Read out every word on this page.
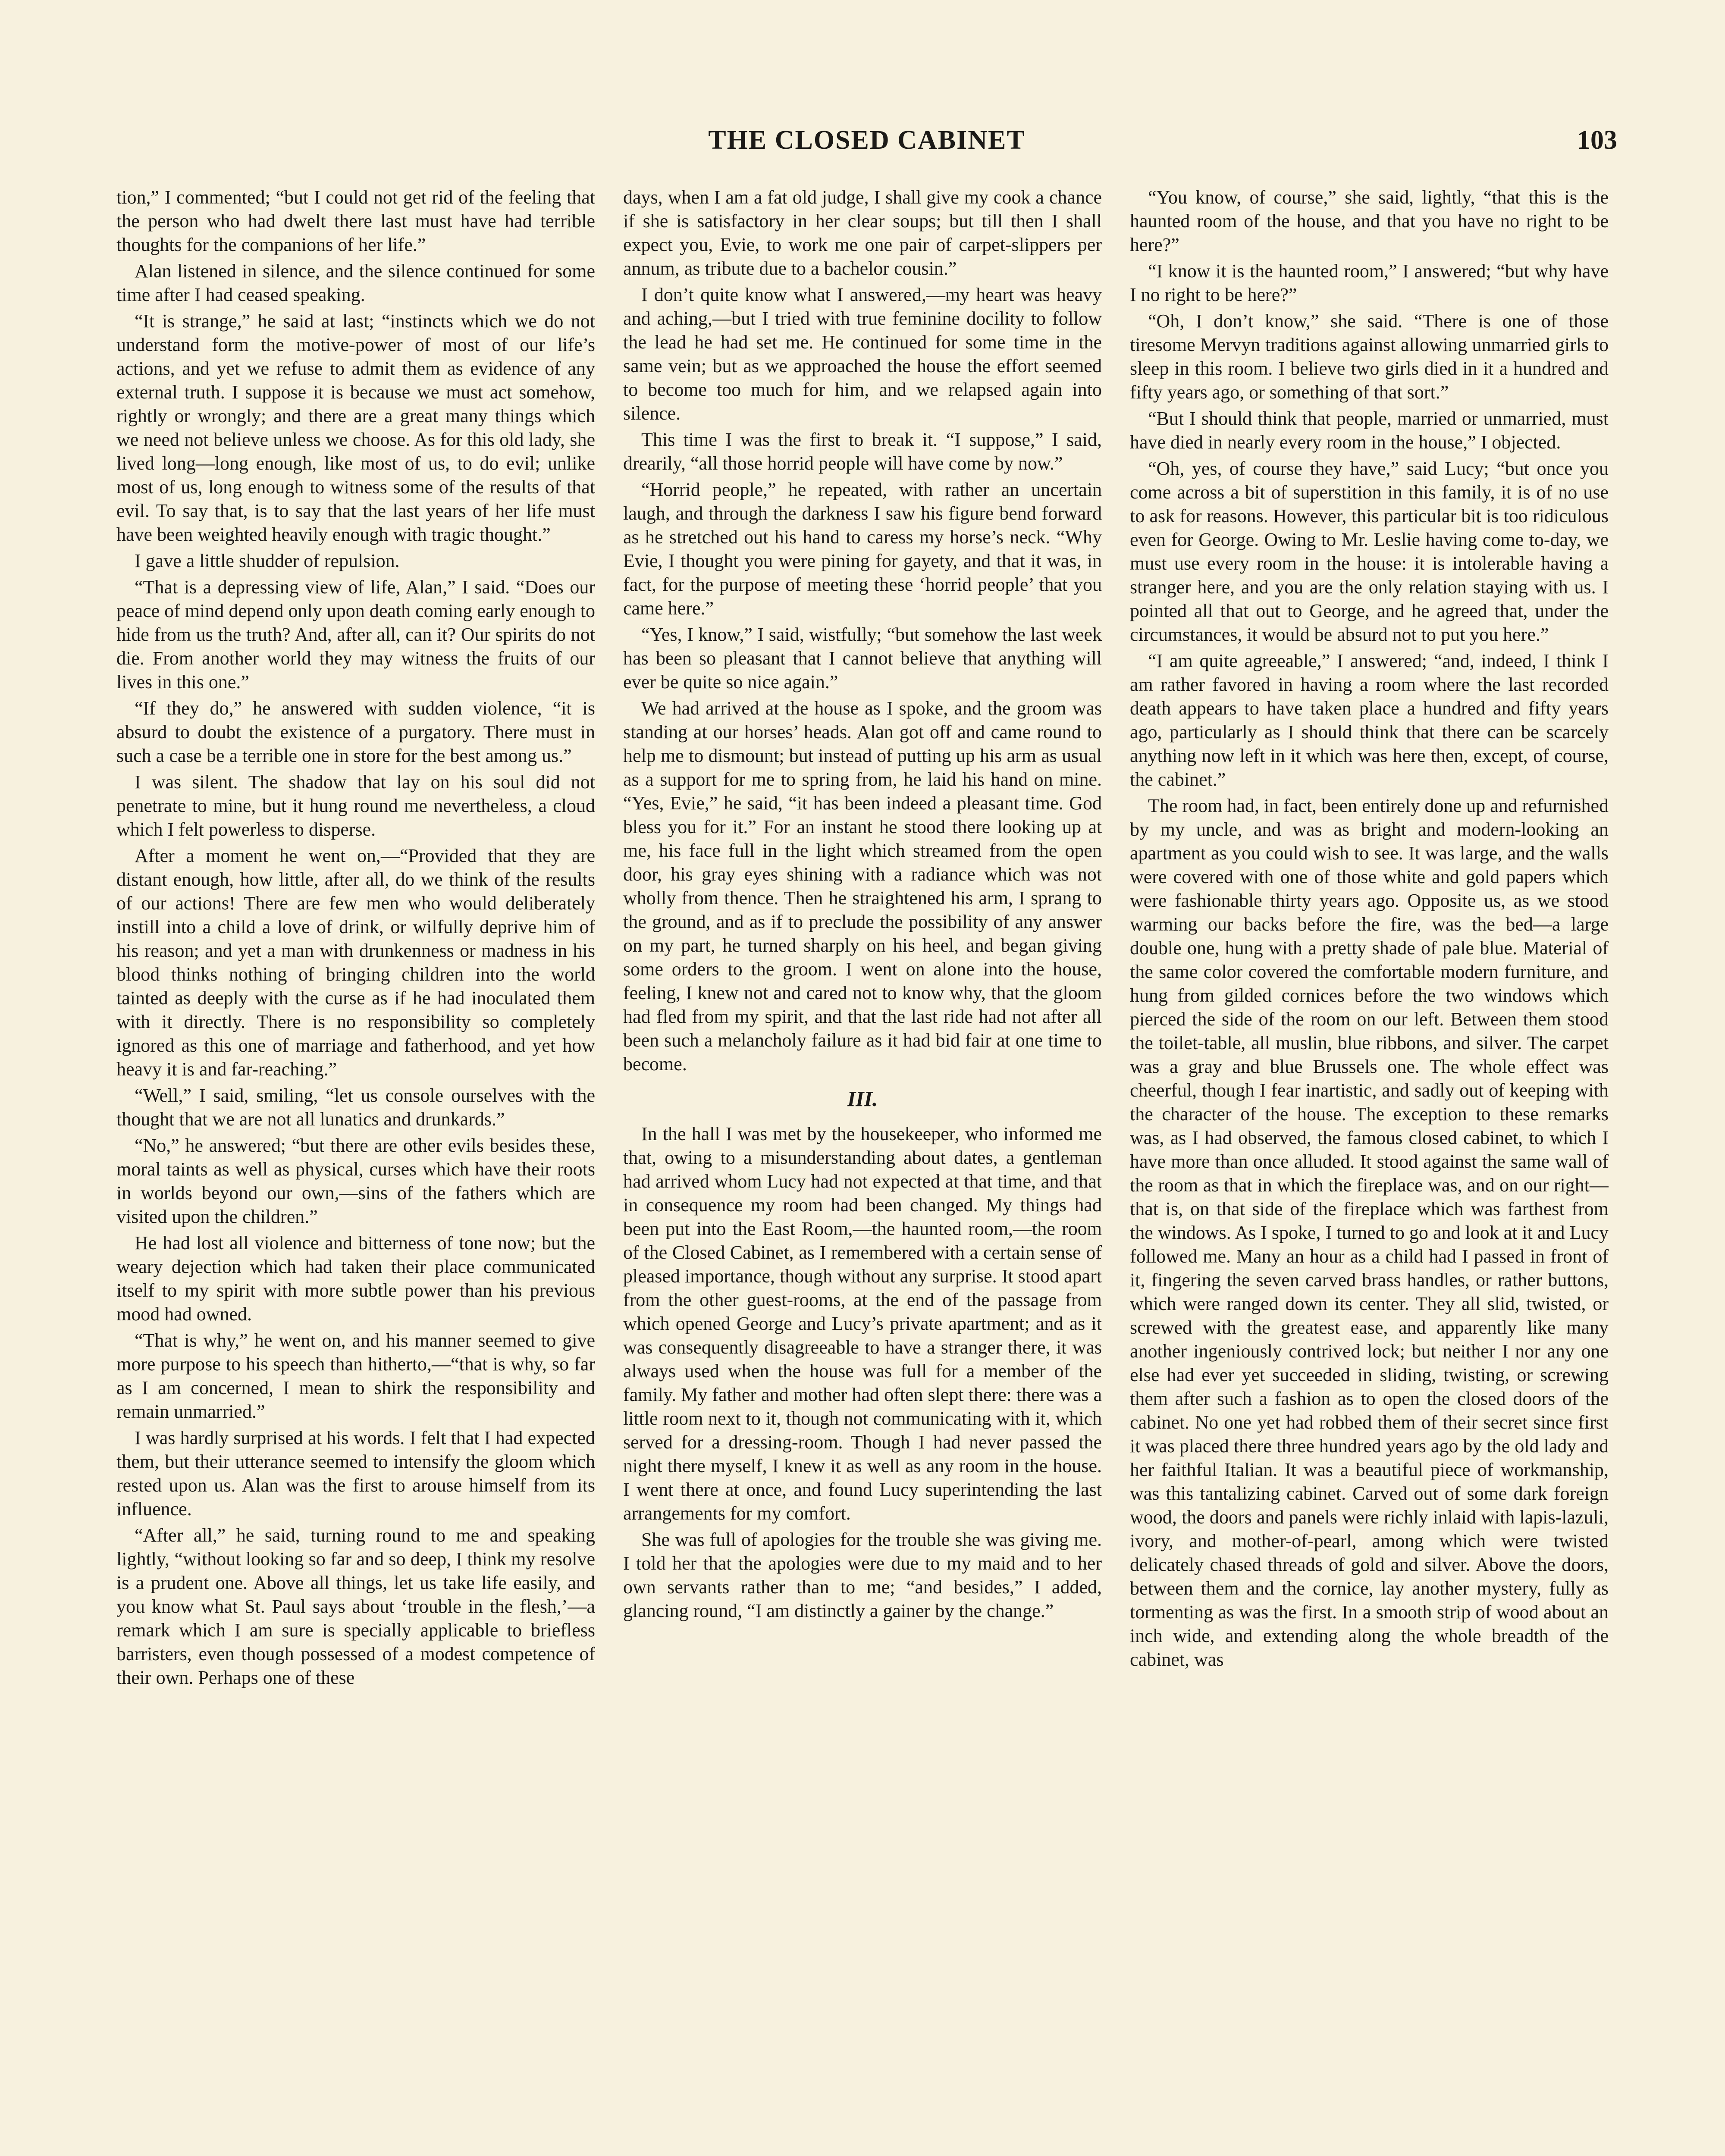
THE CLOSED CABINET	103

tion,” I commented; “but I could not get rid of the feeling that the person who had dwelt there last must have had terrible thoughts for the companions of her life.”

Alan listened in silence, and the silence continued for some time after I had ceased speaking.

“It is strange,” he said at last; “instincts which we do not understand form the motive-power of most of our life’s actions, and yet we refuse to admit them as evidence of any external truth. I suppose it is because we must act somehow, rightly or wrongly; and there are a great many things which we need not believe unless we choose. As for this old lady, she lived long—long enough, like most of us, to do evil; unlike most of us, long enough to witness some of the results of that evil. To say that, is to say that the last years of her life must have been weighted heavily enough with tragic thought.”

I gave a little shudder of repulsion.

“That is a depressing view of life, Alan,” I said. “Does our peace of mind depend only upon death coming early enough to hide from us the truth? And, after all, can it? Our spirits do not die. From another world they may witness the fruits of our lives in this one.”

“If they do,” he answered with sudden violence, “it is absurd to doubt the existence of a purgatory. There must in such a case be a terrible one in store for the best among us.”

I was silent. The shadow that lay on his soul did not penetrate to mine, but it hung round me nevertheless, a cloud which I felt powerless to disperse.

After a moment he went on,—“Provided that they are distant enough, how little, after all, do we think of the results of our actions! There are few men who would deliberately instill into a child a love of drink, or wilfully deprive him of his reason; and yet a man with drunkenness or madness in his blood thinks nothing of bringing children into the world tainted as deeply with the curse as if he had inoculated them with it directly. There is no responsibility so completely ignored as this one of marriage and fatherhood, and yet how heavy it is and far-reaching.”

“Well,” I said, smiling, “let us console ourselves with the thought that we are not all lunatics and drunkards.”

“No,” he answered; “but there are other evils besides these, moral taints as well as physical, curses which have their roots in worlds beyond our own,—sins of the fathers which are visited upon the children.”

He had lost all violence and bitterness of tone now; but the weary dejection which had taken their place communicated itself to my spirit with more subtle power than his previous mood had owned.

“That is why,” he went on, and his manner seemed to give more purpose to his speech than hitherto,—“that is why, so far as I am concerned, I mean to shirk the responsibility and remain unmarried.”

I was hardly surprised at his words. I felt that I had expected them, but their utterance seemed to intensify the gloom which rested upon us. Alan was the first to arouse himself from its influence.

“After all,” he said, turning round to me and speaking lightly, “without looking so far and so deep, I think my resolve is a prudent one. Above all things, let us take life easily, and you know what St. Paul says about ‘trouble in the flesh,’—a remark which I am sure is specially applicable to briefless barristers, even though possessed of a modest competence of their own. Perhaps one of these

days, when I am a fat old judge, I shall give my cook a chance if she is satisfactory in her clear soups; but till then I shall expect you, Evie, to work me one pair of carpet-slippers per annum, as tribute due to a bachelor cousin.”

I don’t quite know what I answered,—my heart was heavy and aching,—but I tried with true feminine docility to follow the lead he had set me. He continued for some time in the same vein; but as we approached the house the effort seemed to become too much for him, and we relapsed again into silence.

This time I was the first to break it. “I suppose,” I said, drearily, “all those horrid people will have come by now.”

“Horrid people,” he repeated, with rather an uncertain laugh, and through the darkness I saw his figure bend forward as he stretched out his hand to caress my horse’s neck. “Why Evie, I thought you were pining for gayety, and that it was, in fact, for the purpose of meeting these ‘horrid people’ that you came here.”

“Yes, I know,” I said, wistfully; “but somehow the last week has been so pleasant that I cannot believe that anything will ever be quite so nice again.”

We had arrived at the house as I spoke, and the groom was standing at our horses’ heads. Alan got off and came round to help me to dismount; but instead of putting up his arm as usual as a support for me to spring from, he laid his hand on mine. “Yes, Evie,” he said, “it has been indeed a pleasant time. God bless you for it.” For an instant he stood there looking up at me, his face full in the light which streamed from the open door, his gray eyes shining with a radiance which was not wholly from thence. Then he straightened his arm, I sprang to the ground, and as if to preclude the possibility of any answer on my part, he turned sharply on his heel, and began giving some orders to the groom. I went on alone into the house, feeling, I knew not and cared not to know why, that the gloom had fled from my spirit, and that the last ride had not after all been such a melancholy failure as it had bid fair at one time to become.

III.

In the hall I was met by the housekeeper, who informed me that, owing to a misunderstanding about dates, a gentleman had arrived whom Lucy had not expected at that time, and that in consequence my room had been changed. My things had been put into the East Room,—the haunted room,—the room of the Closed Cabinet, as I remembered with a certain sense of pleased importance, though without any surprise. It stood apart from the other guest-rooms, at the end of the passage from which opened George and Lucy’s private apartment; and as it was consequently disagreeable to have a stranger there, it was always used when the house was full for a member of the family. My father and mother had often slept there: there was a little room next to it, though not communicating with it, which served for a dressing-room. Though I had never passed the night there myself, I knew it as well as any room in the house. I went there at once, and found Lucy superintending the last arrangements for my comfort.

She was full of apologies for the trouble she was giving me. I told her that the apologies were due to my maid and to her own servants rather than to me; “and besides,” I added, glancing round, “I am distinctly a gainer by the change.”

“You know, of course,” she said, lightly, “that this is the haunted room of the house, and that you have no right to be here?”

“I know it is the haunted room,” I answered; “but why have I no right to be here?”

“Oh, I don’t know,” she said. “There is one of those tiresome Mervyn traditions against allowing unmarried girls to sleep in this room. I believe two girls died in it a hundred and fifty years ago, or something of that sort.”

“But I should think that people, married or unmarried, must have died in nearly every room in the house,” I objected.

“Oh, yes, of course they have,” said Lucy; “but once you come across a bit of superstition in this family, it is of no use to ask for reasons. However, this particular bit is too ridiculous even for George. Owing to Mr. Leslie having come to-day, we must use every room in the house: it is intolerable having a stranger here, and you are the only relation staying with us. I pointed all that out to George, and he agreed that, under the circumstances, it would be absurd not to put you here.”

“I am quite agreeable,” I answered; “and, indeed, I think I am rather favored in having a room where the last recorded death appears to have taken place a hundred and fifty years ago, particularly as I should think that there can be scarcely anything now left in it which was here then, except, of course, the cabinet.”

The room had, in fact, been entirely done up and refurnished by my uncle, and was as bright and modern-looking an apartment as you could wish to see. It was large, and the walls were covered with one of those white and gold papers which were fashionable thirty years ago. Opposite us, as we stood warming our backs before the fire, was the bed—a large double one, hung with a pretty shade of pale blue. Material of the same color covered the comfortable modern furniture, and hung from gilded cornices before the two windows which pierced the side of the room on our left. Between them stood the toilet-table, all muslin, blue ribbons, and silver. The carpet was a gray and blue Brussels one. The whole effect was cheerful, though I fear inartistic, and sadly out of keeping with the character of the house. The exception to these remarks was, as I had observed, the famous closed cabinet, to which I have more than once alluded. It stood against the same wall of the room as that in which the fireplace was, and on our right—that is, on that side of the fireplace which was farthest from the windows. As I spoke, I turned to go and look at it and Lucy followed me. Many an hour as a child had I passed in front of it, fingering the seven carved brass handles, or rather buttons, which were ranged down its center. They all slid, twisted, or screwed with the greatest ease, and apparently like many another ingeniously contrived lock; but neither I nor any one else had ever yet succeeded in sliding, twisting, or screwing them after such a fashion as to open the closed doors of the cabinet. No one yet had robbed them of their secret since first it was placed there three hundred years ago by the old lady and her faithful Italian. It was a beautiful piece of workmanship, was this tantalizing cabinet. Carved out of some dark foreign wood, the doors and panels were richly inlaid with lapis-lazuli, ivory, and mother-of-pearl, among which were twisted delicately chased threads of gold and silver. Above the doors, between them and the cornice, lay another mystery, fully as tormenting as was the first. In a smooth strip of wood about an inch wide, and extending along the whole breadth of the cabinet, was
